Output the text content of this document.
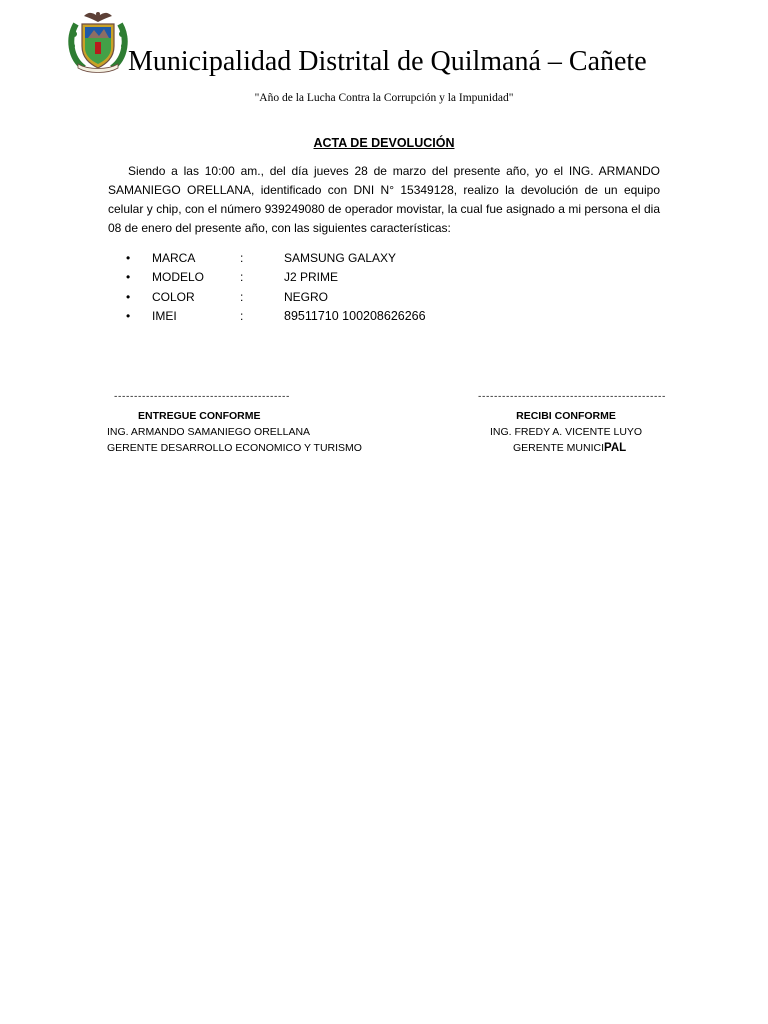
Municipalidad Distrital de Quilmaná – Cañete
"Año de la Lucha Contra la Corrupción y la Impunidad"
ACTA DE DEVOLUCIÓN

Siendo a las 10:00 am., del día jueves 28 de marzo del presente año, yo el ING. ARMANDO SAMANIEGO ORELLANA, identificado con DNI N° 15349128, realizo la devolución de un equipo celular y chip, con el número 939249080 de operador movistar, la cual fue asignado a mi persona el dia 08 de enero del presente año, con las siguientes características:

•	MARCA	:	SAMSUNG GALAXY
•	MODELO	:	J2 PRIME
•	COLOR	:	NEGRO
•	IMEI	:	89511710 100208626266
--------------------------------------------	-----------------------------------------------
ENTREGUE CONFORME
ING. ARMANDO SAMANIEGO ORELLANA
GERENTE DESARROLLO ECONOMICO Y TURISMO
RECIBI CONFORME
ING. FREDY A. VICENTE LUYO
GERENTE MUNICIPAL
